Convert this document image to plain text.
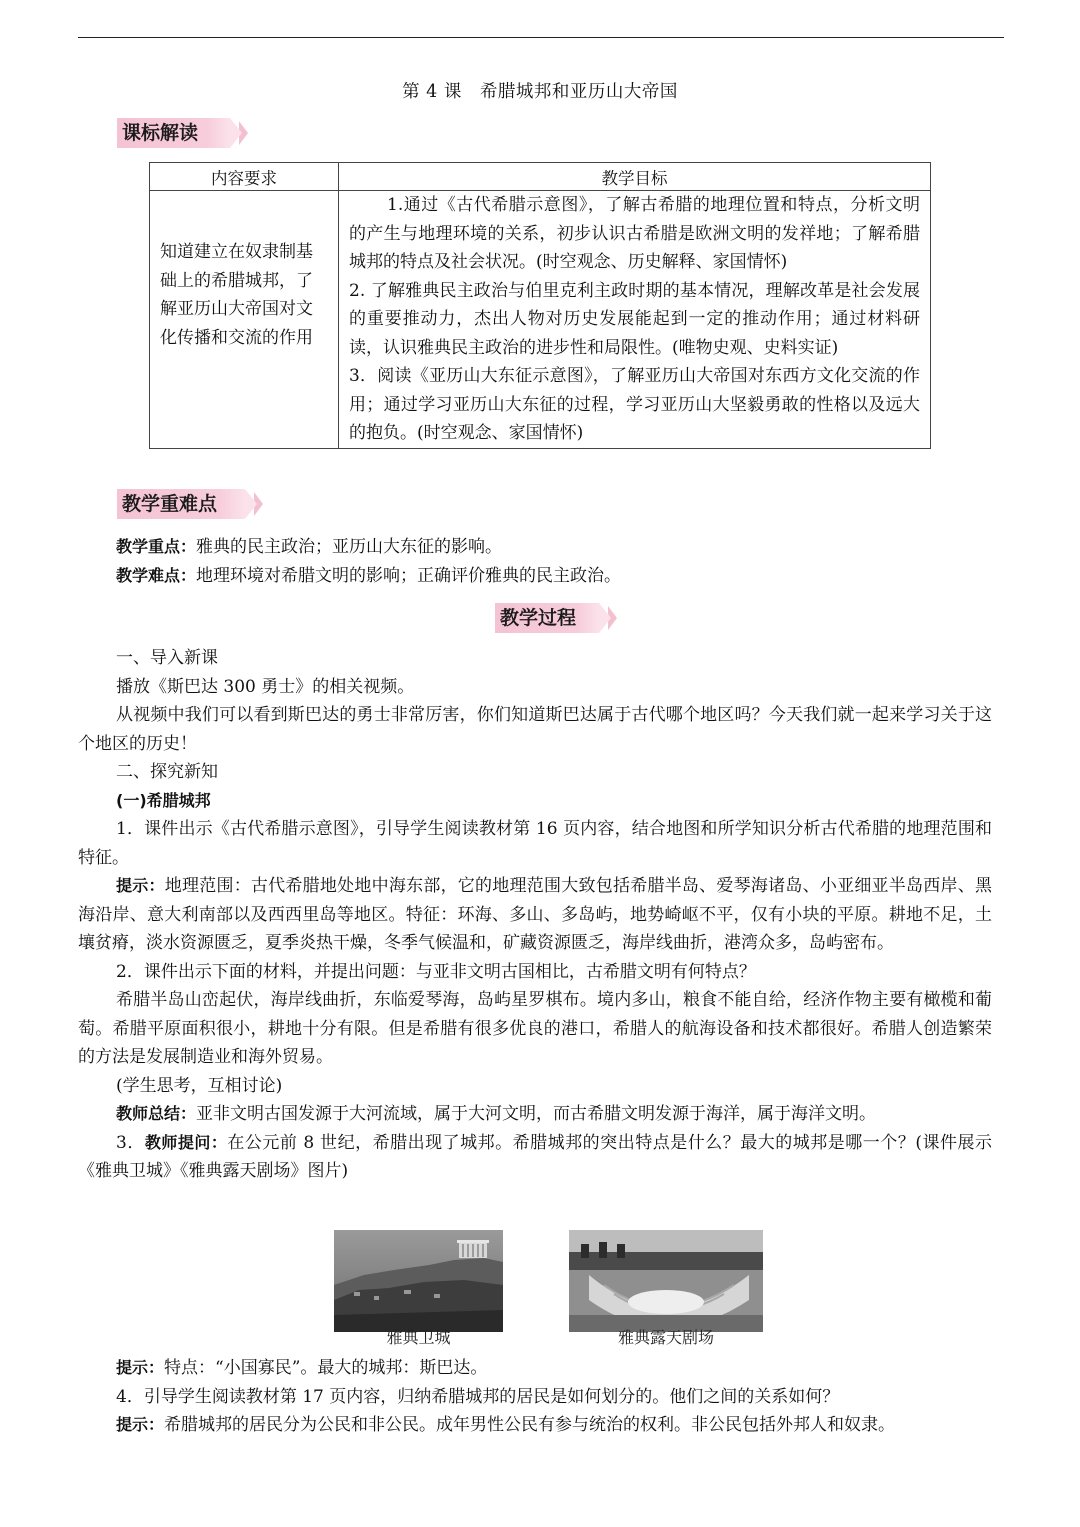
第 4 课　希腊城邦和亚历山大帝国
课标解读
内容要求	教学目标
知道建立在奴隶制基础上的希腊城邦，了解亚历山大帝国对文化传播和交流的作用	1.通过《古代希腊示意图》，了解古希腊的地理位置和特点，分析文明的产生与地理环境的关系，初步认识古希腊是欧洲文明的发祥地；了解希腊城邦的特点及社会状况。(时空观念、历史解释、家国情怀)
2. 了解雅典民主政治与伯里克利主政时期的基本情况，理解改革是社会发展的重要推动力，杰出人物对历史发展能起到一定的推动作用；通过材料研读，认识雅典民主政治的进步性和局限性。(唯物史观、史料实证)
3．阅读《亚历山大东征示意图》，了解亚历山大帝国对东西方文化交流的作用；通过学习亚历山大东征的过程，学习亚历山大坚毅勇敢的性格以及远大的抱负。(时空观念、家国情怀)
教学重难点
教学重点：雅典的民主政治；亚历山大东征的影响。
教学难点：地理环境对希腊文明的影响；正确评价雅典的民主政治。
教学过程
一、导入新课
播放《斯巴达 300 勇士》的相关视频。
从视频中我们可以看到斯巴达的勇士非常厉害，你们知道斯巴达属于古代哪个地区吗？今天我们就一起来学习关于这个地区的历史！
二、探究新知
(一)希腊城邦
1．课件出示《古代希腊示意图》，引导学生阅读教材第 16 页内容，结合地图和所学知识分析古代希腊的地理范围和特征。
提示：地理范围：古代希腊地处地中海东部，它的地理范围大致包括希腊半岛、爱琴海诸岛、小亚细亚半岛西岸、黑海沿岸、意大利南部以及西西里岛等地区。特征：环海、多山、多岛屿，地势崎岖不平，仅有小块的平原。耕地不足，土壤贫瘠，淡水资源匮乏，夏季炎热干燥，冬季气候温和，矿藏资源匮乏，海岸线曲折，港湾众多，岛屿密布。
2．课件出示下面的材料，并提出问题：与亚非文明古国相比，古希腊文明有何特点？
希腊半岛山峦起伏，海岸线曲折，东临爱琴海，岛屿星罗棋布。境内多山，粮食不能自给，经济作物主要有橄榄和葡萄。希腊平原面积很小，耕地十分有限。但是希腊有很多优良的港口，希腊人的航海设备和技术都很好。希腊人创造繁荣的方法是发展制造业和海外贸易。
(学生思考，互相讨论)
教师总结：亚非文明古国发源于大河流域，属于大河文明，而古希腊文明发源于海洋，属于海洋文明。
3．教师提问：在公元前 8 世纪，希腊出现了城邦。希腊城邦的突出特点是什么？最大的城邦是哪一个？(课件展示《雅典卫城》《雅典露天剧场》图片)
雅典卫城	雅典露天剧场
提示：特点：“小国寡民”。最大的城邦：斯巴达。
4．引导学生阅读教材第 17 页内容，归纳希腊城邦的居民是如何划分的。他们之间的关系如何？
提示：希腊城邦的居民分为公民和非公民。成年男性公民有参与统治的权利。非公民包括外邦人和奴隶。
